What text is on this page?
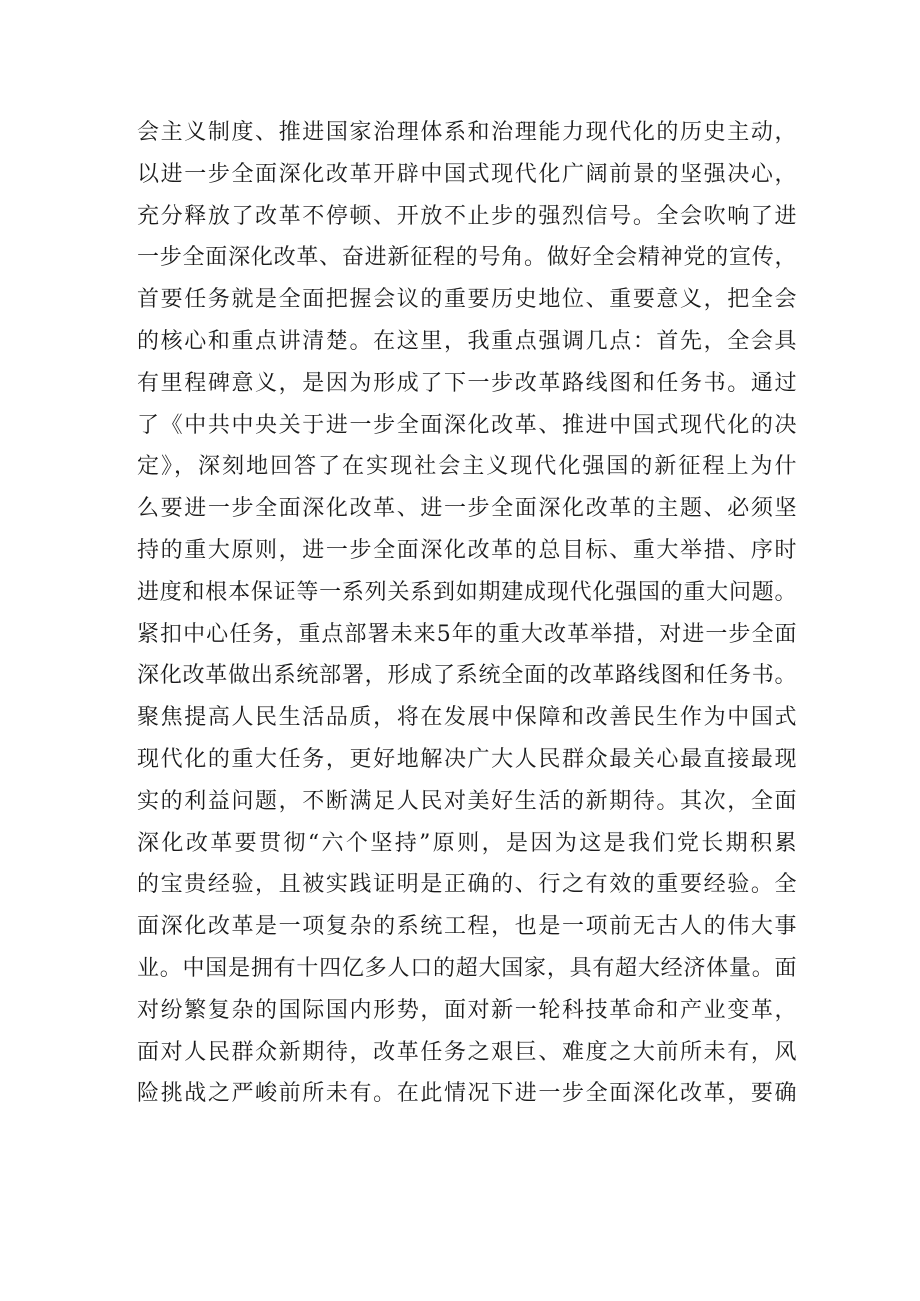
会主义制度、推进国家治理体系和治理能力现代化的历史主动，
以进一步全面深化改革开辟中国式现代化广阔前景的坚强决心，
充分释放了改革不停顿、开放不止步的强烈信号。全会吹响了进
一步全面深化改革、奋进新征程的号角。做好全会精神党的宣传，
首要任务就是全面把握会议的重要历史地位、重要意义，把全会
的核心和重点讲清楚。在这里，我重点强调几点：首先，全会具
有里程碑意义，是因为形成了下一步改革路线图和任务书。通过
了《中共中央关于进一步全面深化改革、推进中国式现代化的决
定》，深刻地回答了在实现社会主义现代化强国的新征程上为什
么要进一步全面深化改革、进一步全面深化改革的主题、必须坚
持的重大原则，进一步全面深化改革的总目标、重大举措、序时
进度和根本保证等一系列关系到如期建成现代化强国的重大问题。
紧扣中心任务，重点部署未来5年的重大改革举措，对进一步全面
深化改革做出系统部署，形成了系统全面的改革路线图和任务书。
聚焦提高人民生活品质，将在发展中保障和改善民生作为中国式
现代化的重大任务，更好地解决广大人民群众最关心最直接最现
实的利益问题，不断满足人民对美好生活的新期待。其次，全面
深化改革要贯彻“六个坚持”原则，是因为这是我们党长期积累
的宝贵经验，且被实践证明是正确的、行之有效的重要经验。全
面深化改革是一项复杂的系统工程，也是一项前无古人的伟大事
业。中国是拥有十四亿多人口的超大国家，具有超大经济体量。面
对纷繁复杂的国际国内形势，面对新一轮科技革命和产业变革，
面对人民群众新期待，改革任务之艰巨、难度之大前所未有，风
险挑战之严峻前所未有。在此情况下进一步全面深化改革，要确
